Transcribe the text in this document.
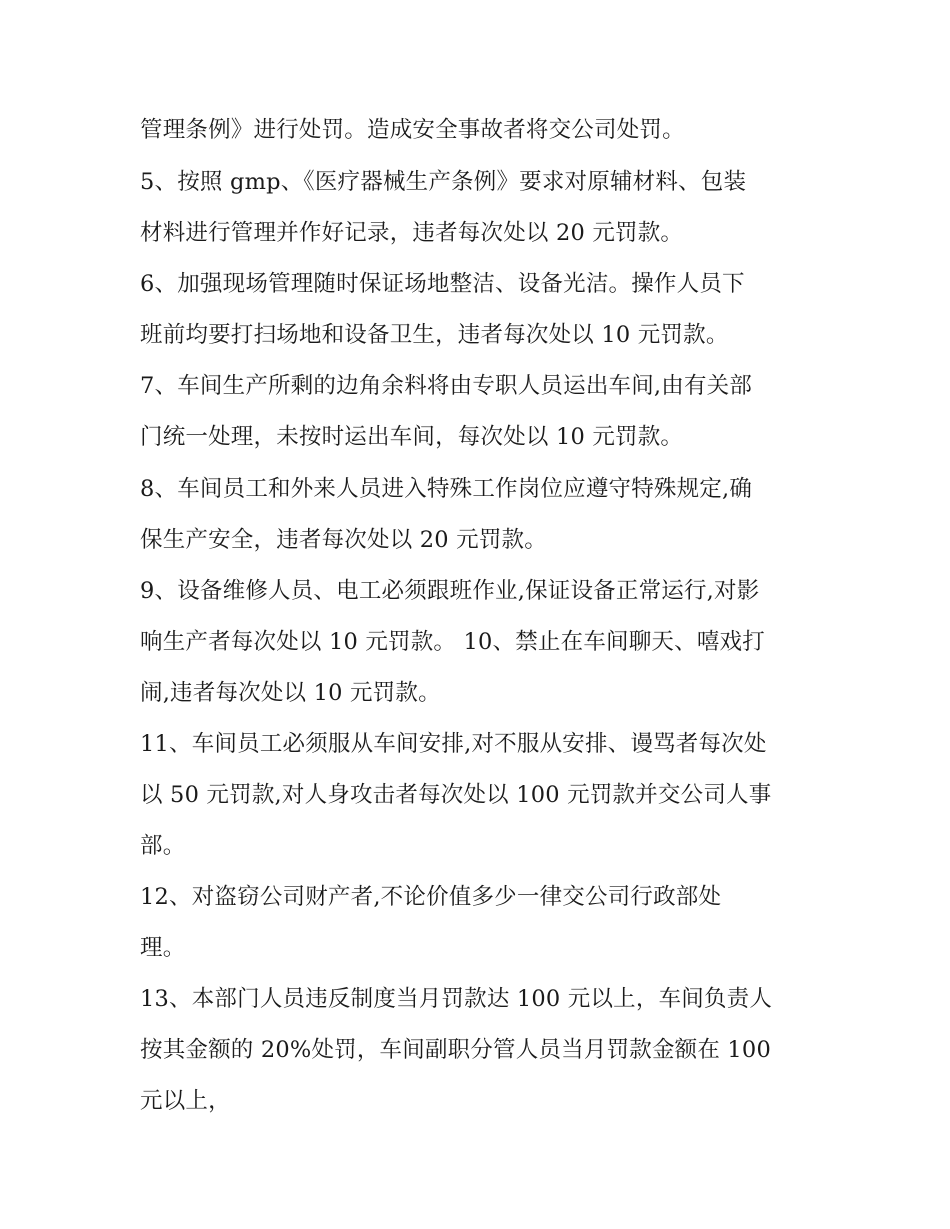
管理条例》进行处罚。造成安全事故者将交公司处罚。
5、按照 gmp、《医疗器械生产条例》要求对原辅材料、包装
材料进行管理并作好记录，违者每次处以 20 元罚款。
6、加强现场管理随时保证场地整洁、设备光洁。操作人员下
班前均要打扫场地和设备卫生，违者每次处以 10 元罚款。
7、车间生产所剩的边角余料将由专职人员运出车间,由有关部
门统一处理，未按时运出车间，每次处以 10 元罚款。
8、车间员工和外来人员进入特殊工作岗位应遵守特殊规定,确
保生产安全，违者每次处以 20 元罚款。
9、设备维修人员、电工必须跟班作业,保证设备正常运行,对影
响生产者每次处以 10 元罚款。 10、禁止在车间聊天、嘻戏打
闹,违者每次处以 10 元罚款。
11、车间员工必须服从车间安排,对不服从安排、谩骂者每次处
以 50 元罚款,对人身攻击者每次处以 100 元罚款并交公司人事
部。
12、对盗窃公司财产者,不论价值多少一律交公司行政部处
理。
13、本部门人员违反制度当月罚款达 100 元以上，车间负责人
按其金额的 20%处罚，车间副职分管人员当月罚款金额在 100
元以上，
